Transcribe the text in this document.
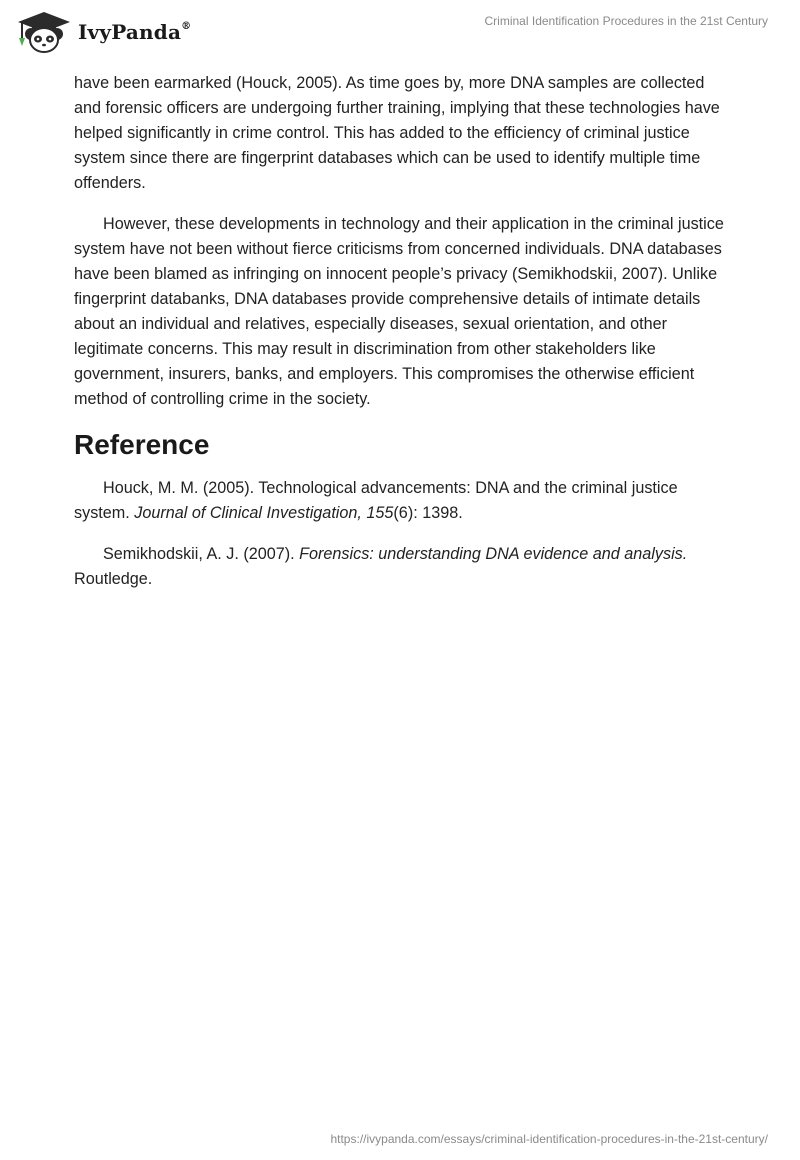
IvyPanda®	Criminal Identification Procedures in the 21st Century

have been earmarked (Houck, 2005). As time goes by, more DNA samples are collected and forensic officers are undergoing further training, implying that these technologies have helped significantly in crime control. This has added to the efficiency of criminal justice system since there are fingerprint databases which can be used to identify multiple time offenders.

However, these developments in technology and their application in the criminal justice system have not been without fierce criticisms from concerned individuals. DNA databases have been blamed as infringing on innocent people’s privacy (Semikhodskii, 2007). Unlike fingerprint databanks, DNA databases provide comprehensive details of intimate details about an individual and relatives, especially diseases, sexual orientation, and other legitimate concerns. This may result in discrimination from other stakeholders like government, insurers, banks, and employers. This compromises the otherwise efficient method of controlling crime in the society.

Reference

Houck, M. M. (2005). Technological advancements: DNA and the criminal justice system. Journal of Clinical Investigation, 155(6): 1398.

Semikhodskii, A. J. (2007). Forensics: understanding DNA evidence and analysis. Routledge.

https://ivypanda.com/essays/criminal-identification-procedures-in-the-21st-century/
